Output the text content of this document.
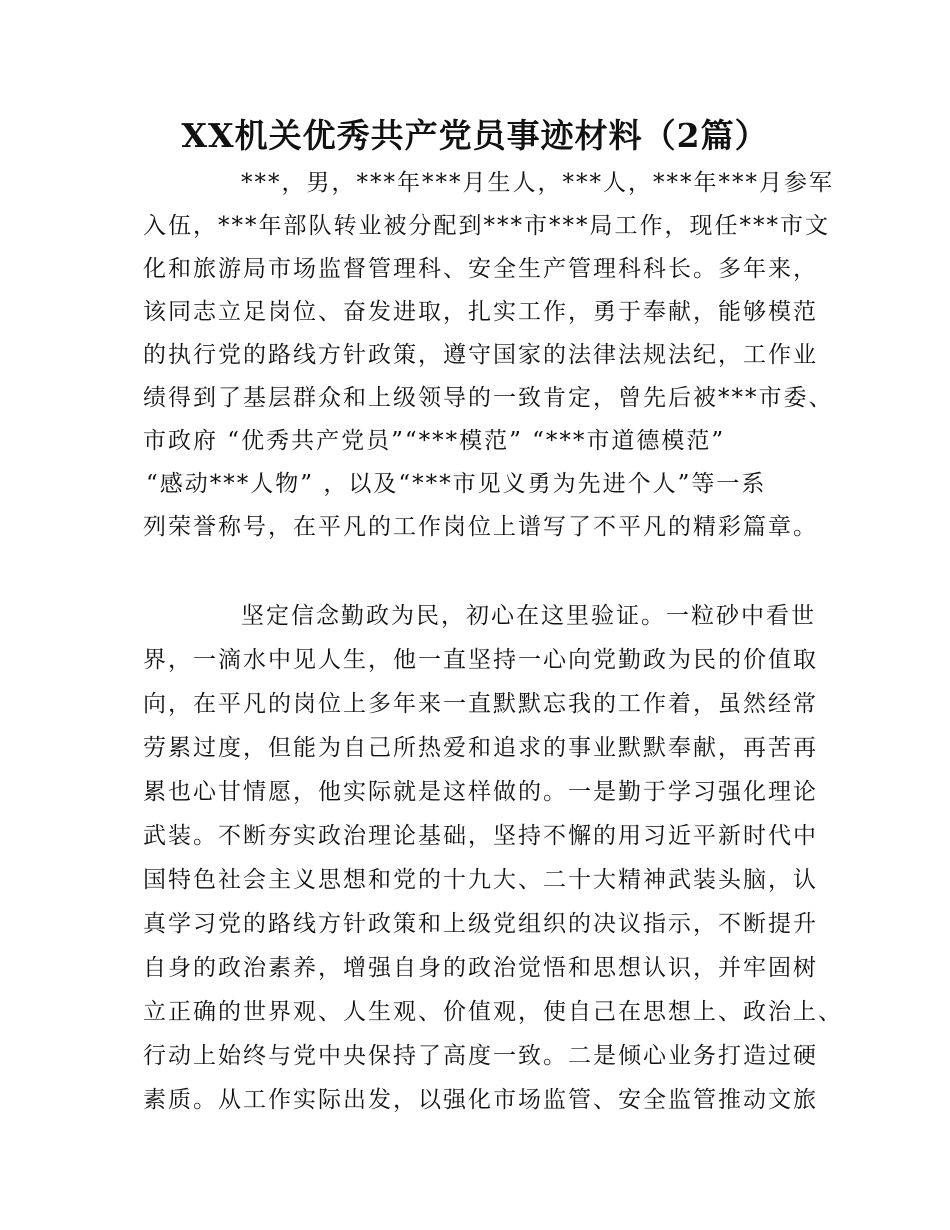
XX机关优秀共产党员事迹材料（2篇）
***，男，***年***月生人，***人，***年***月参军
入伍，***年部队转业被分配到***市***局工作，现任***市文
化和旅游局市场监督管理科、安全生产管理科科长。多年来，
该同志立足岗位、奋发进取，扎实工作，勇于奉献，能够模范
的执行党的路线方针政策，遵守国家的法律法规法纪，工作业
绩得到了基层群众和上级领导的一致肯定，曾先后被***市委、
市政府 “优秀共产党员”“***模范” “***市道德模范”
“感动***人物” ，以及“***市见义勇为先进个人”等一系
列荣誉称号，在平凡的工作岗位上谱写了不平凡的精彩篇章。
坚定信念勤政为民，初心在这里验证。一粒砂中看世
界，一滴水中见人生，他一直坚持一心向党勤政为民的价值取
向，在平凡的岗位上多年来一直默默忘我的工作着，虽然经常
劳累过度，但能为自己所热爱和追求的事业默默奉献，再苦再
累也心甘情愿，他实际就是这样做的。一是勤于学习强化理论
武装。不断夯实政治理论基础，坚持不懈的用习近平新时代中
国特色社会主义思想和党的十九大、二十大精神武装头脑，认
真学习党的路线方针政策和上级党组织的决议指示，不断提升
自身的政治素养，增强自身的政治觉悟和思想认识，并牢固树
立正确的世界观、人生观、价值观，使自己在思想上、政治上、
行动上始终与党中央保持了高度一致。二是倾心业务打造过硬
素质。从工作实际出发，以强化市场监管、安全监管推动文旅
